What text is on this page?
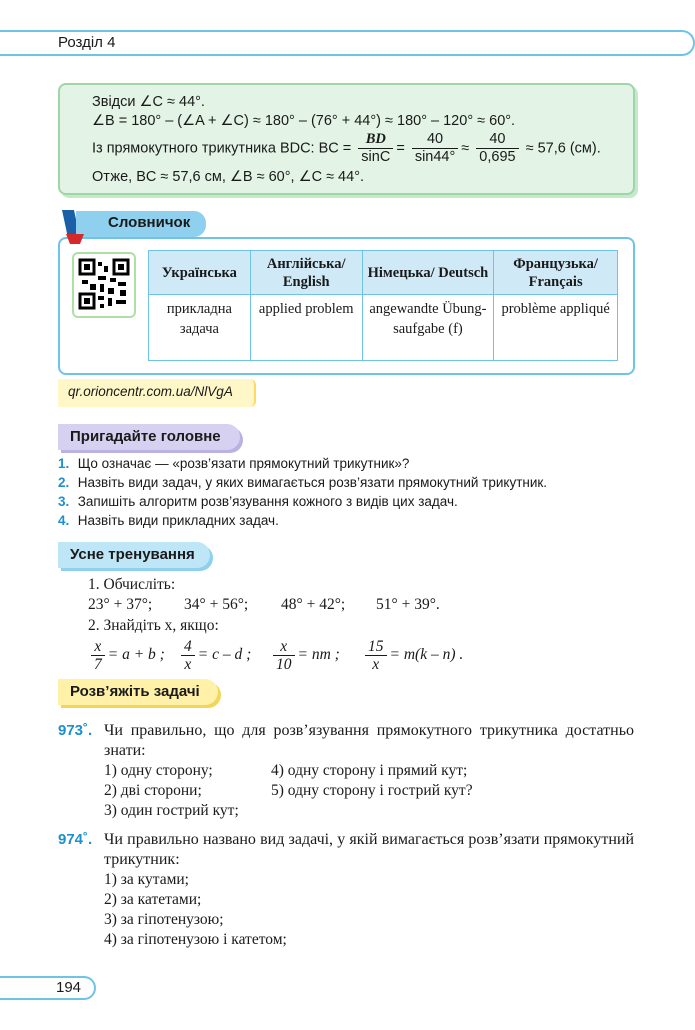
Розділ 4
Звідси ∠C ≈ 44°.
∠B = 180° – (∠A + ∠C) ≈ 180° – (76° + 44°) ≈ 180° – 120° ≈ 60°.
Із прямокутного трикутника BDC: BC = $\frac{BD}{\sin C} = \frac{40}{\sin 44^\circ} \approx \frac{40}{0,695} \approx 57,6$ (см).
Отже, BC ≈ 57,6 см, ∠B ≈ 60°, ∠C ≈ 44°.
Словничок
Українська	Англійська/ English	Німецька/ Deutsch	Французька/ Français
прикладна задача	applied problem	angewandte Übung-saufgabe (f)	problème appliqué
qr.orioncentr.com.ua/NlVgA
Пригадайте головне
1. Що означає — «розв’язати прямокутний трикутник»?
2. Назвіть види задач, у яких вимагається розв’язати прямокутний трикутник.
3. Запишіть алгоритм розв’язування кожного з видів цих задач.
4. Назвіть види прикладних задач.
Усне тренування
1. Обчисліть:
23° + 37°; 34° + 56°; 48° + 42°; 51° + 39°.
2. Знайдіть x, якщо:
$\frac{x}{7} = a + b$ ; $\frac{4}{x} = c - d$ ; $\frac{x}{10}$ = nm ; $\frac{15}{x} = m(k - n)$ .
Розв’яжіть задачі
973˚. Чи правильно, що для розв’язування прямокутного трикутника достатньо знати:
1) одну сторону;	4) одну сторону і прямий кут;
2) дві сторони;	5) одну сторону і гострий кут?
3) один гострий кут;
974˚. Чи правильно названо вид задачі, у якій вимагається розв’язати прямокутний трикутник:
1) за кутами;
2) за катетами;
3) за гіпотенузою;
4) за гіпотенузою і катетом;
194
